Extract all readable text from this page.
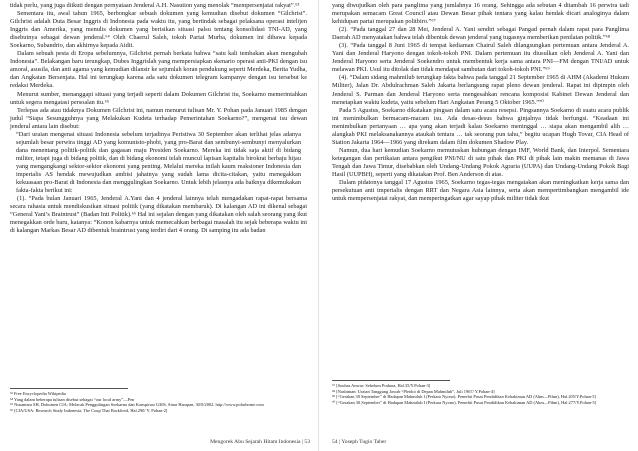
tidak perlu, yang juga diikuti dengan pernyataan Jenderal A.H. Nasution yang menolak “mempersenjatai rakyat”.⁶³

Sementara itu, awal tahun 1965, berbongkar sebuah dokumen yang kemudian disebut dokumen “Gilchrist”. Gilchrist adalah Duta Besar Inggris di Indonesia pada waktu itu, yang bertindak sebagai pelaksana operasi intelijen Inggris dan Amerika, yang menulis dokumen yang berisikan situasi palsu tentang konsolidasi TNI-AD, yang disebutnya sebagai dewan jenderal.⁶⁴ Oleh Chaerul Saleh, tokoh Partai Murba, dokumen ini dibawa kepada Soekarno, Subandrio, dan akhirnya kepada Aidit.

Dalam sebuah pesta di Eropa sebelumnya, Gilchrist pernah berkata bahwa “satu kali tembakan akan mengubah Indonesia”. Belakangan baru terungkap, Dubes Inggrislah yang mempersiapkan skenario operasi anti-PKI dengan isu amoral, asusila, dan anti agama yang kemudian dilansir ke sejumlah koran pendukung seperti Merdeka, Berita Yudha, dan Angkatan Bersenjata. Hal ini terungkap karena ada satu dokumen telegram kampanye dengan isu tersebut ke redaksi Merdeka.

Menurut sumber, menanggapi situasi yang terjadi seperti dalam Dokumen Gilchrist itu, Soekarno memerintahkan untuk segera mengatasi persoalan itu.⁶⁵

Terlepas ada atau tidaknya Dokumen Gilchrist ini, namun menurut tulisan Mr. Y. Pohan pada Januari 1985 dengan judul “Siapa Sesungguhnya yang Melakukan Kudeta terhadap Pemerintahan Soekarno?”, mengenai isu dewan jenderal antara lain disebut:

“Dari uraian mengenai situasi Indonesia sebelum terjadinya Peristiwa 30 September akan terlihat jelas adanya sejumlah besar perwira tinggi AD yang komunisto-phobi, yang pro-Barat dan sembunyi-sembunyi menyalurkan dana menentang politik-politik dan gagasan maju Presiden Soekarno. Mereka ini tidak saja aktif di bidang militer, tetapi juga di bidang politik, dan di bidang ekonomi telah muncul lapisan kapitalis birokrat berbaju hijau yang mengangkangi sektor-sektor ekonomi yang penting. Melalui mereka inilah kaum reaksioner Indonesia dan imperialis AS hendak mewujudkan ambisi jahatnya yang sudah lama dicita-citakan, yaitu menegakkan kekuasaan pro-Barat di Indonesia dan menggulingkan Soekarno. Untuk lebih jelasnya ada baiknya dikemukakan fakta-fakta berikut ini:

(1). “Pada bulan Januari 1965, Jenderal A.Yani dan 4 jenderal lainnya telah mengadakan rapat-rapat bersama secara rahasia untuk mendiskusikan situasi politik (yang dikatakan membaruk). Di kalangan AD ini dikenal sebagai “General Yani’s Braintrust” (Badan Inti Politik).⁶⁶ Hal ini sejalan dengan yang dikatakan oleh salah seorang yang ikut menegakkan orde baru, katanya: “Konon kabarnya untuk memecahkan berbagai masalah itu sejak beberapa waktu ini di kalangan Markas Besar AD dibentuk braintrust yang terdiri dari 4 orang. Di samping itu ada badan

⁶³ Free Encyclopedia Wikipedia

⁶⁴ Yang dalam beberapa tulisan disebut sebagai “our local army”—Pen

⁶⁵ Nusantara SH, Dokumen CIA: Melacak Penggulingan Soekarno dan Konspirasi G30S, Sinar Harapan, 30/9/2002. http://www.polarhome.com

⁶⁶ [CIA/USA: Research Study Indonesia, The Coup That Backfired, Hal.290/ Y. Pohan-2]

Mengorek Abu Sejarah Hitam Indonesia | 53

yang diwujudkan oleh para panglima yang jumlahnya 16 orang. Sehingga ada sebutan 4 ditambah 16 perwira tadi merupakan semacam Great Council atau Dewan Besar pihak tentara yang kalau hendak dicari analoginya dalam kehidupan partai merupakan politbiro.”⁶⁷

(2). “Pada tanggal 27 dan 28 Mei, Jenderal A. Yani sendiri sebagai Pangad pernah dalam rapat para Panglima Daerah AD menyatakan bahwa telah dibentuk dewan jenderal yang tugasnya memberikan penilaian politik.”⁶⁸

(3). “Pada tanggal 8 Juni 1965 di tempat kediaman Chairul Saleh dilangsungkan pertemuan antara Jenderal A. Yani dan Jenderal Haryono dengan tokoh-tokoh PNI. Dalam pertemuan itu diusulkan oleh Jenderal A. Yani dan Jenderal Haryono serta Jenderal Soekendro untuk membentuk kerja sama antara PNI—FM dengan TNI/AD untuk melawan PKI. Usul itu ditolak dan tidak mendapat sambutan dari tokoh-tokoh PNI.”⁶⁹

(4). “Dalam sidang mahmilub terungkap fakta bahwa pada tanggal 21 September 1965 di AHM (Akademi Hukum Militer), Jalan Dr. Abdulrachman Saleh Jakarta berlangsung rapat pleno dewan jenderal. Rapat ini dipimpin oleh Jenderal S. Parman dan Jenderal Haryono serta mengesahkan rencana komposisi Kabinet Dewan Jenderal dan menetapkan waktu kudeta, yaitu sebelum Hari Angkatan Perang 5 Oktober 1965.”⁷⁰

Pada 5 Agustus, Soekarno dikatakan pingsan dalam satu acara resepsi. Pingsannya Soekarno di suatu acara publik ini menimbulkan bermacam-macam isu. Ada desas-desus bahwa ginjalnya tidak berfungsi. “Keadaan ini menimbulkan pertanyaan … apa yang akan terjadi kalau Soekarno meninggal … siapa akan mengambil alih … alangkah PKI melaksanakannya ataukah tentara … tak seorang pun tahu,” begitu ucapan Hugh Tovar, CIA Head of Station Jakarta 1964—1966 yang direkam dalam film dokumen Shadow Play.

Namun, dua hari kemudian Soekarno memutuskan hubungan dengan IMF, World Bank, dan Interpol. Sementara ketegangan dan pertikaian antara pengikut PNI/NU di satu pihak dan PKI di pihak lain makin memanas di Jawa Tengah dan Jawa Timur, disebabkan oleh Undang-Undang Pokok Agraria (UUPA) dan Undang-Undang Pokok Bagi Hasil (UUPBH), seperti yang dikatakan Prof. Ben Anderson di atas.

Dalam pidatonya tanggal 17 Agustus 1965, Soekarno tegas-tegas mengatakan akan meningkatkan kerja sama dan persekutuan anti imperialis dengan RRT dan Negara Asia lainnya, serta akan mempertimbangkan mengambil ide untuk mempersenjatai rakyat, dan memperingatkan agar sayap pihak militer tidak ikut

⁶⁷ [Soubas Anwar: Sebelum Prahara, Hal.35/Y.Pohan-3]

⁶⁸ [Nasbiman: Uraian Tanggung Jawab “Pleidoi di Depan Mahmilub”, Juli 1967/ Y.Pohan-4]

⁶⁹ [“Gerakan 30 September” di Hadapan Mahmilub I (Perkara Nyono), Penerbit Pusat Pendidikan Kehakiman AD (Ahm—Pthm), Hal.205/Y.Pohan-5]

⁷⁰ [“Gerakan 30 September” di Hadapan Mahmilub I (Perkara Nyono), Penerbit Pusat Pendidikan Kehakiman AD (Ahm—Pthm), Hal.277/Y.Pohan-5]

54 | Yoseph Tugio Taher
